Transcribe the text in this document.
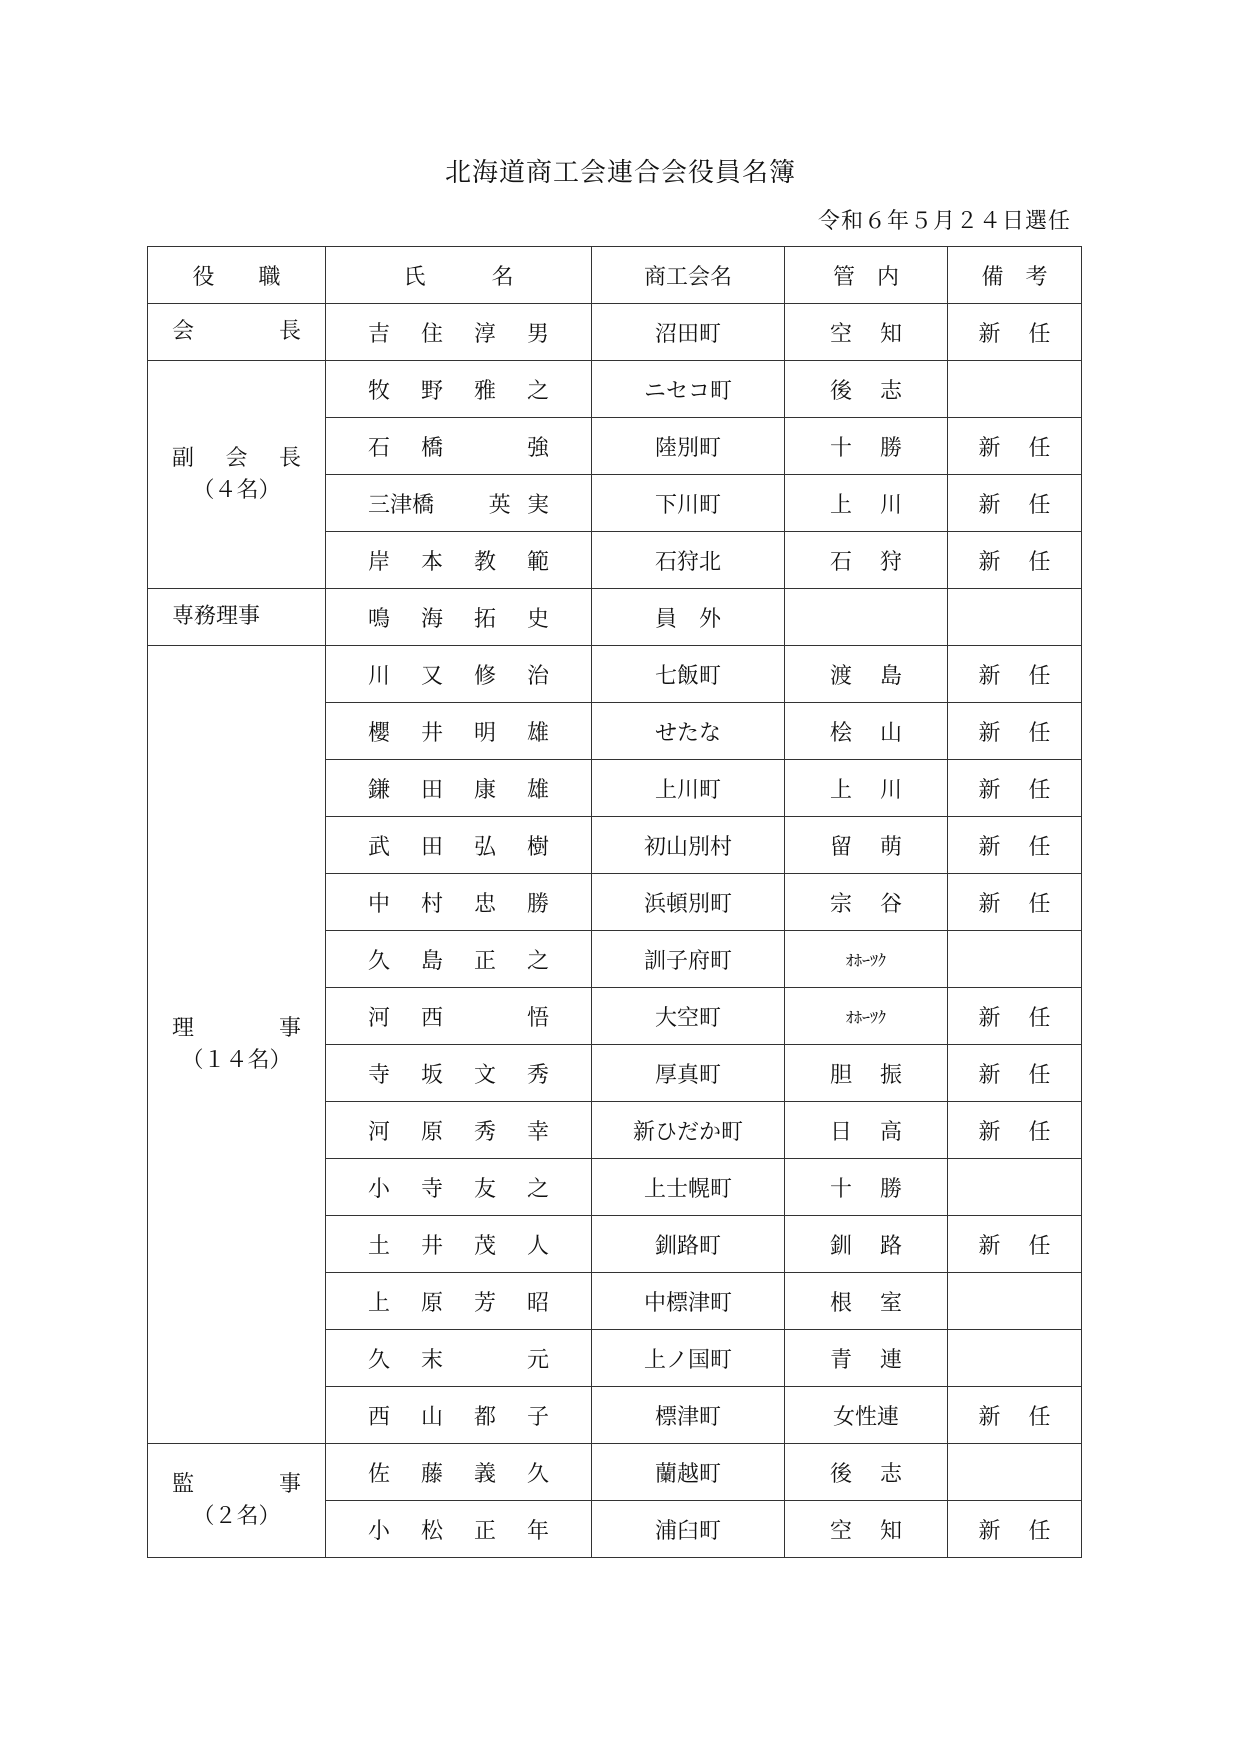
北海道商工会連合会役員名簿
令和６年５月２４日選任
役　　職	氏　　　名	商工会名	管　内	備　考

会 長	吉 住 淳 男	沼田町	空 知	新 任

副 会 長
（４名）	牧 野 雅 之	ニセコ町	後 志	

	石 橋 強	陸別町	十 勝	新 任

	三津橋 英 実	下川町	上 川	新 任

	岸 本 教 範	石狩北	石 狩	新 任

専務理事	鳴 海 拓 史	員　外	

理 事
（１４名）	川 又 修 治	七飯町	渡 島	新 任

	櫻 井 明 雄	せたな	桧 山	新 任

	鎌 田 康 雄	上川町	上 川	新 任

	武 田 弘 樹	初山別村	留 萌	新 任

	中 村 忠 勝	浜頓別町	宗 谷	新 任

	久 島 正 之	訓子府町	ｵﾎｰﾂｸ	

	河 西 悟	大空町	ｵﾎｰﾂｸ	新 任

	寺 坂 文 秀	厚真町	胆 振	新 任

	河 原 秀 幸	新ひだか町	日 高	新 任

	小 寺 友 之	上士幌町	十 勝	

	土 井 茂 人	釧路町	釧 路	新 任

	上 原 芳 昭	中標津町	根 室	

	久 末 元	上ノ国町	青 連	

	西 山 都 子	標津町	女性連	新 任

監 事
（２名）	佐 藤 義 久	蘭越町	後 志	

	小 松 正 年	浦臼町	空 知	新 任
